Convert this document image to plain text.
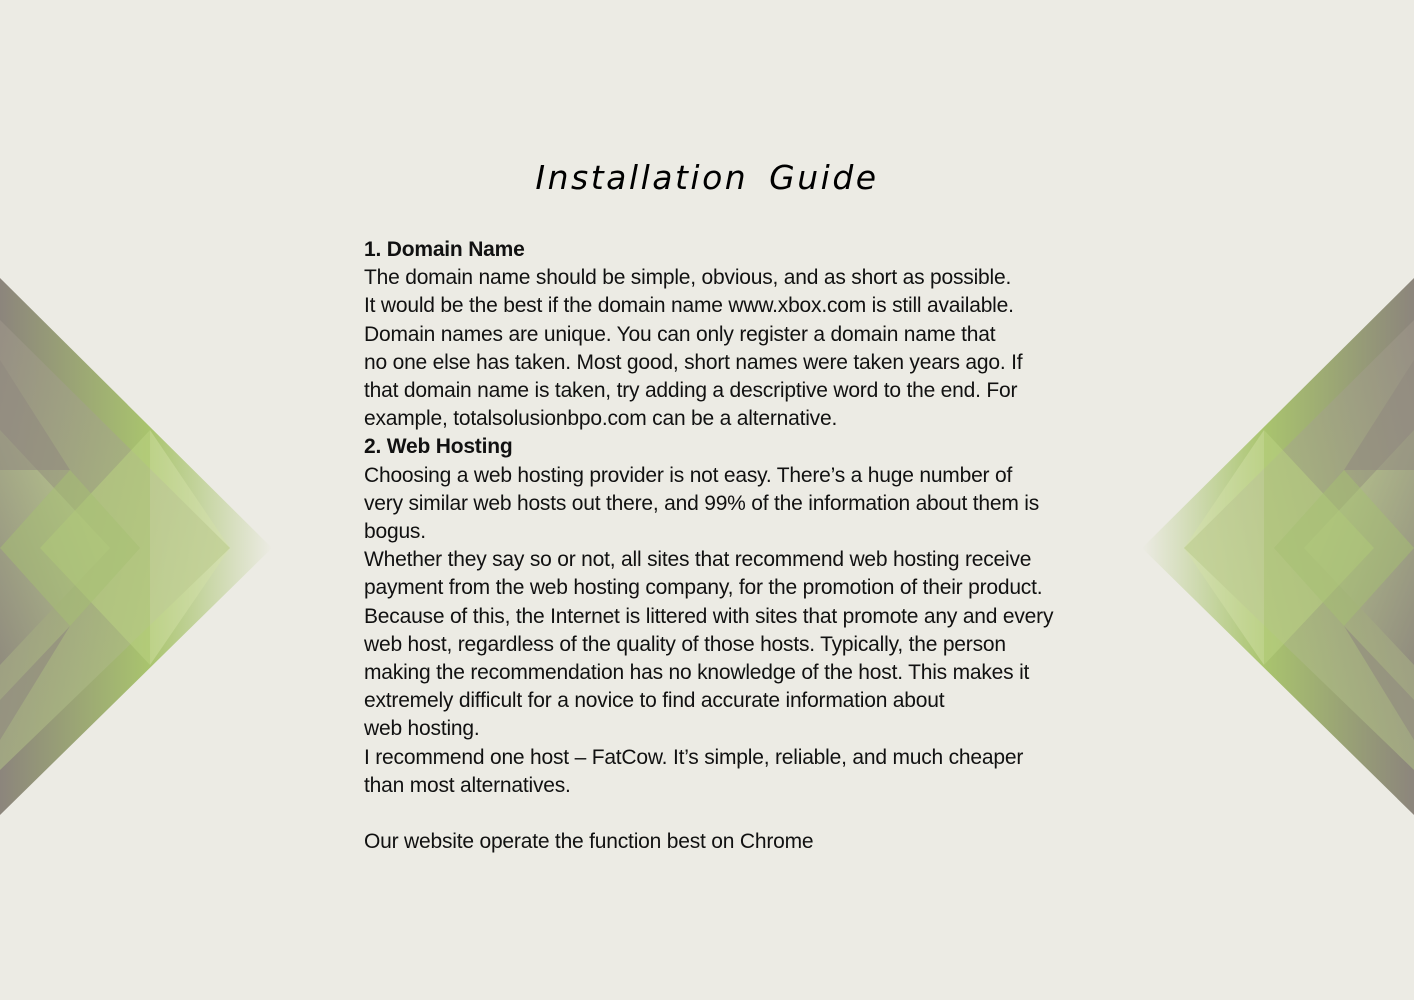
Installation Guide

1. Domain Name

The domain name should be simple, obvious, and as short as possible.

It would be the best if the domain name www.xbox.com is still available.

Domain names are unique. You can only register a domain name that

no one else has taken. Most good, short names were taken years ago. If

that domain name is taken, try adding a descriptive word to the end. For

example, totalsolusionbpo.com can be a alternative.

2. Web Hosting

Choosing a web hosting provider is not easy. There’s a huge number of

very similar web hosts out there, and 99% of the information about them is

bogus.

Whether they say so or not, all sites that recommend web hosting receive

payment from the web hosting company, for the promotion of their product.

Because of this, the Internet is littered with sites that promote any and every

web host, regardless of the quality of those hosts. Typically, the person

making the recommendation has no knowledge of the host. This makes it

extremely difficult for a novice to find accurate information about

web hosting.

I recommend one host – FatCow. It’s simple, reliable, and much cheaper

than most alternatives.

Our website operate the function best on Chrome
